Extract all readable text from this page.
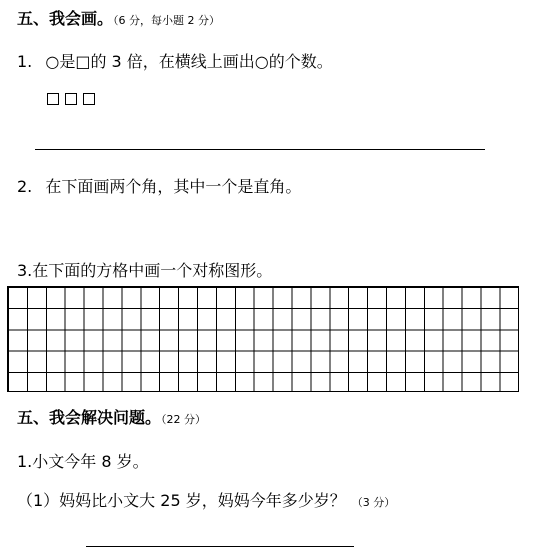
五、我会画。（6 分，每小题 2 分）
1. ○是□的 3 倍，在横线上画出○的个数。
2. 在下面画两个角，其中一个是直角。
3.在下面的方格中画一个对称图形。
五、我会解决问题。（22 分）
1.小文今年 8 岁。
（1）妈妈比小文大 25 岁，妈妈今年多少岁？ （3 分）
